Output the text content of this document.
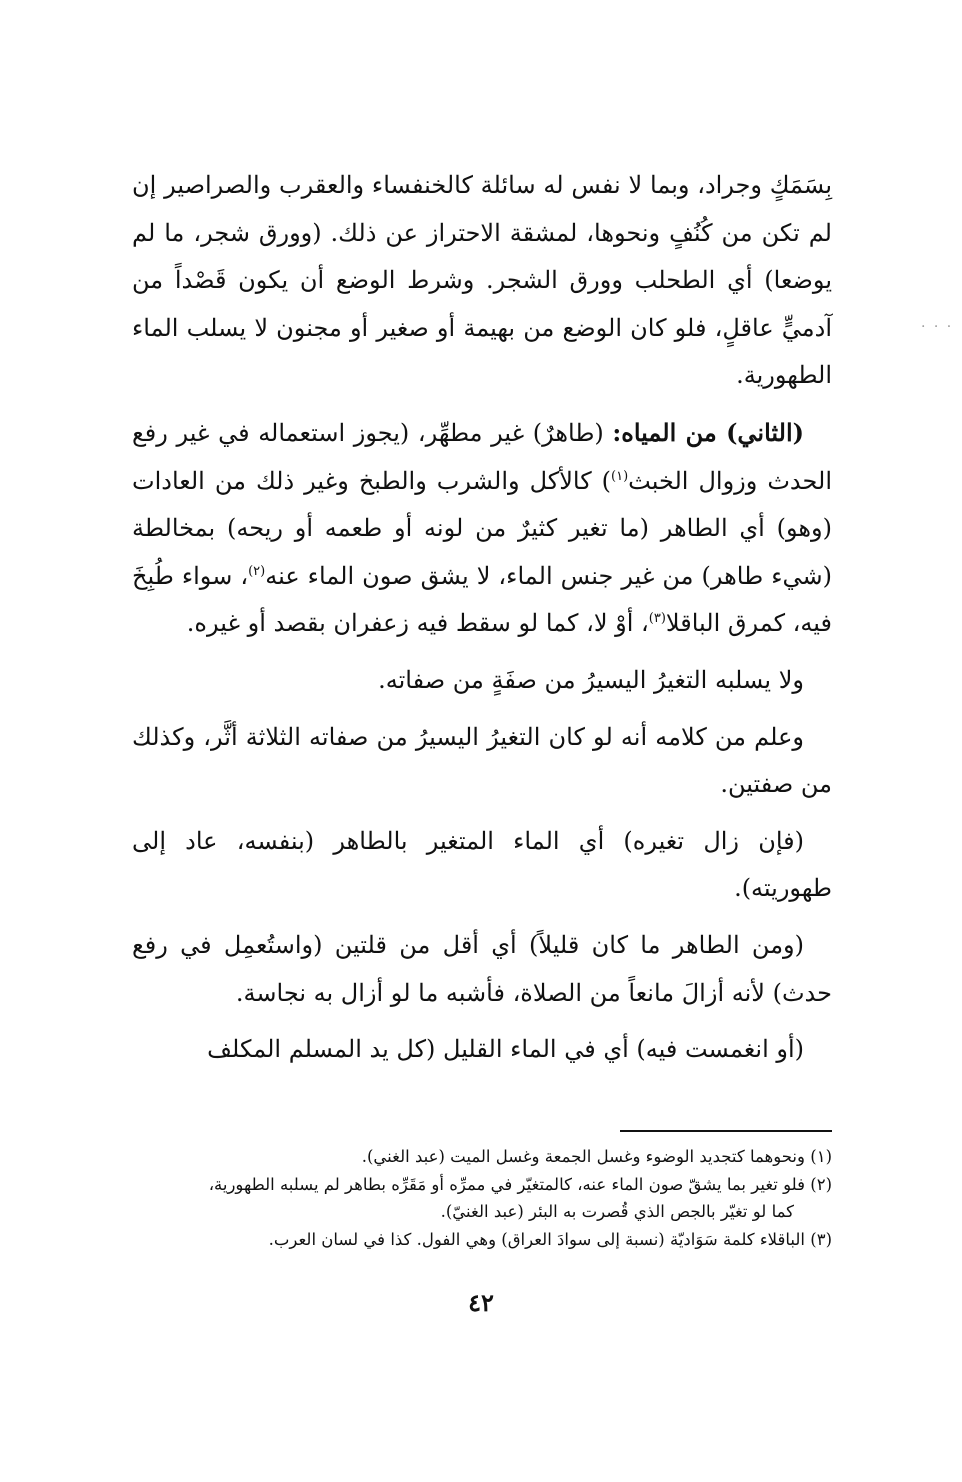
بِسَمَكٍ وجراد، وبما لا نفس له سائلة كالخنفساء والعقرب والصراصير إن لم تكن من كُنُفٍ ونحوها، لمشقة الاحتراز عن ذلك. (وورق شجر، ما لم يوضعا) أي الطحلب وورق الشجر. وشرط الوضع أن يكون قَصْداً من آدميٍّ عاقلٍ، فلو كان الوضع من بهيمة أو صغير أو مجنون لا يسلب الماء الطهورية.

(الثاني) من المياه: (طاهرٌ) غير مطهِّر، (يجوز استعماله في غير رفع الحدث وزوال الخبث$^{(١)}$) كالأكل والشرب والطبخ وغير ذلك من العادات (وهو) أي الطاهر (ما تغير كثيرٌ من لونه أو طعمه أو ريحه) بمخالطة (شيء طاهر) من غير جنس الماء، لا يشق صون الماء عنه$^{(٢)}$، سواء طُبِخَ فيه، كمرق الباقلا$^{(٣)}$، أوْ لا، كما لو سقط فيه زعفران بقصد أو غيره.

ولا يسلبه التغيرُ اليسيرُ من صفَةٍ من صفاته.

وعلم من كلامه أنه لو كان التغيرُ اليسيرُ من صفاته الثلاثة أثَّر، وكذلك من صفتين.

(فإن زال تغيره) أي الماء المتغير بالطاهر (بنفسه، عاد إلى طهوريته).

(ومن الطاهر ما كان قليلاً) أي أقل من قلتين (واستُعمِل في رفع حدث) لأنه أزالَ مانعاً من الصلاة، فأشبه ما لو أزال به نجاسة.

(أو انغمست فيه) أي في الماء القليل (كل يد المسلم المكلف

(١) ونحوهما كتجديد الوضوء وغسل الجمعة وغسل الميت (عبد الغني).

(٢) فلو تغير بما يشقّ صون الماء عنه، كالمتغيّر في ممرِّه أو مَقَرِّه بطاهر لم يسلبه الطهورية،

كما لو تغيّر بالجص الذي قُصرت به البئر (عبد الغنيّ).

(٣) الباقلاء كلمة سَوَاديّة (نسبة إلى سوادَ العراق) وهي الفول. كذا في لسان العرب.

٤٢
· · ·
